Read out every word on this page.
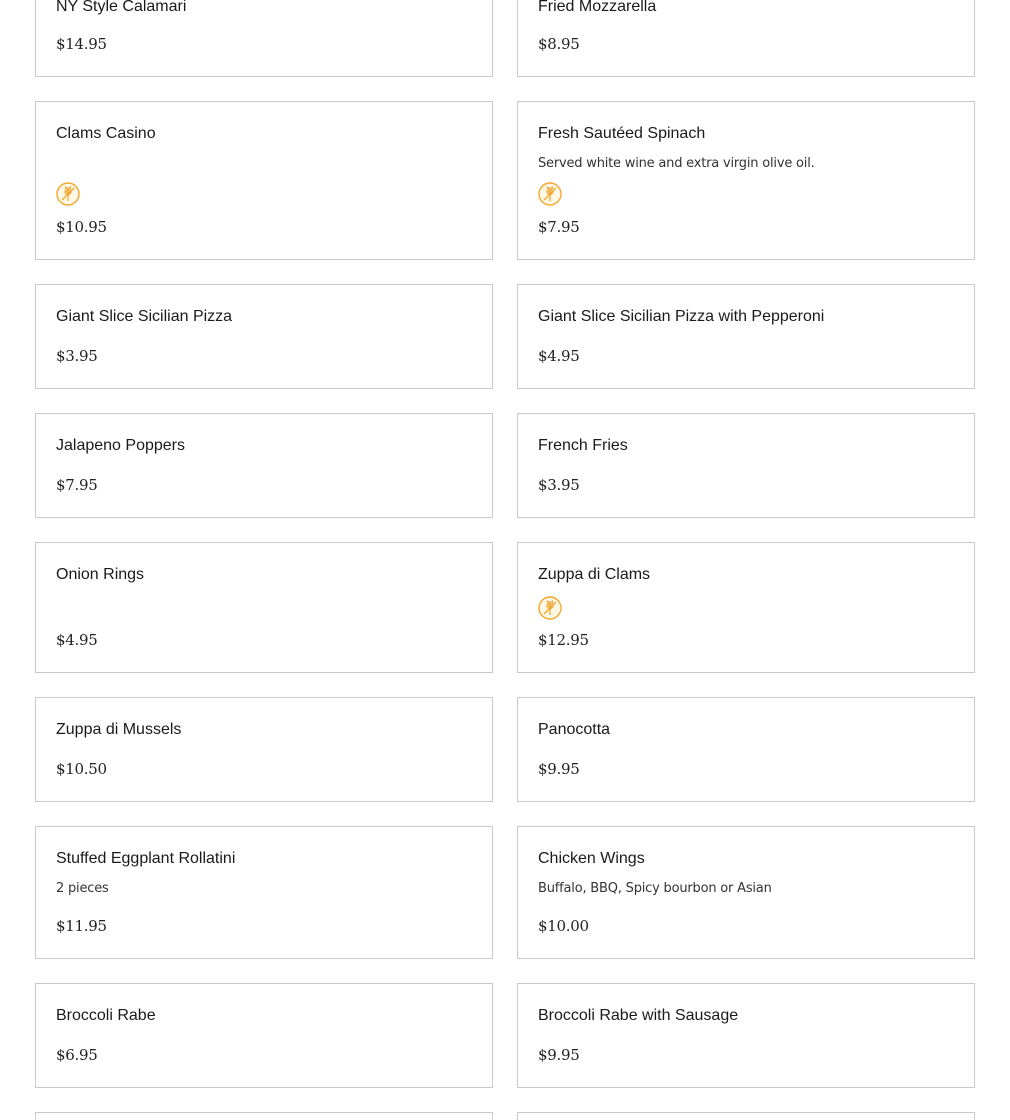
NY Style Calamari
$14.95
Fried Mozzarella
$8.95
Clams Casino
$10.95
Fresh Sautéed Spinach
Served white wine and extra virgin olive oil.
$7.95
Giant Slice Sicilian Pizza
$3.95
Giant Slice Sicilian Pizza with Pepperoni
$4.95
Jalapeno Poppers
$7.95
French Fries
$3.95
Onion Rings
$4.95
Zuppa di Clams
$12.95
Zuppa di Mussels
$10.50
Panocotta
$9.95
Stuffed Eggplant Rollatini
2 pieces
$11.95
Chicken Wings
Buffalo, BBQ, Spicy bourbon or Asian
$10.00
Broccoli Rabe
$6.95
Broccoli Rabe with Sausage
$9.95
